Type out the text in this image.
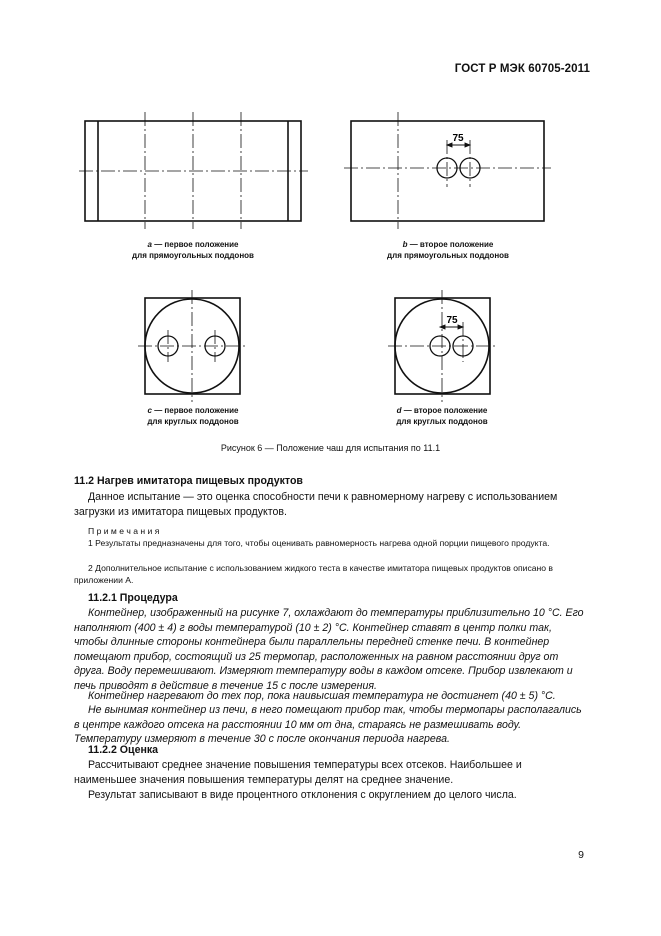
ГОСТ Р МЭК 60705-2011
75
75
a — первое положение
для прямоугольных поддонов
b — второе положение
для прямоугольных поддонов
c — первое положение
для круглых поддонов
d — второе положение
для круглых поддонов
Рисунок 6 — Положение чаш для испытания по 11.1
11.2 Нагрев имитатора пищевых продуктов
Данное испытание — это оценка способности печи к равномерному нагреву с использованием загрузки из имитатора пищевых продуктов.
П р и м е ч а н и я
1 Результаты предназначены для того, чтобы оценивать равномерность нагрева одной порции пищевого продукта.
2 Дополнительное испытание с использованием жидкого теста в качестве имитатора пищевых продуктов описано в приложении А.
11.2.1 Процедура
Контейнер, изображенный на рисунке 7, охлаждают до температуры приблизительно 10 °С. Его наполняют (400 ± 4) г воды температурой (10 ± 2) °С. Контейнер ставят в центр полки так, чтобы длинные стороны контейнера были параллельны передней стенке печи. В контейнер помещают прибор, состоящий из 25 термопар, расположенных на равном расстоянии друг от друга. Воду перемешивают. Измеряют температуру воды в каждом отсеке. Прибор извлекают и печь приводят в действие в течение 15 с после измерения.
Контейнер нагревают до тех пор, пока наивысшая температура не достигнет (40 ± 5) °С.
Не вынимая контейнер из печи, в него помещают прибор так, чтобы термопары располагались в центре каждого отсека на расстоянии 10 мм от дна, стараясь не размешивать воду. Температуру измеряют в течение 30 с после окончания периода нагрева.
11.2.2 Оценка
Рассчитывают среднее значение повышения температуры всех отсеков. Наибольшее и наименьшее значения повышения температуры делят на среднее значение.
Результат записывают в виде процентного отклонения с округлением до целого числа.
9
